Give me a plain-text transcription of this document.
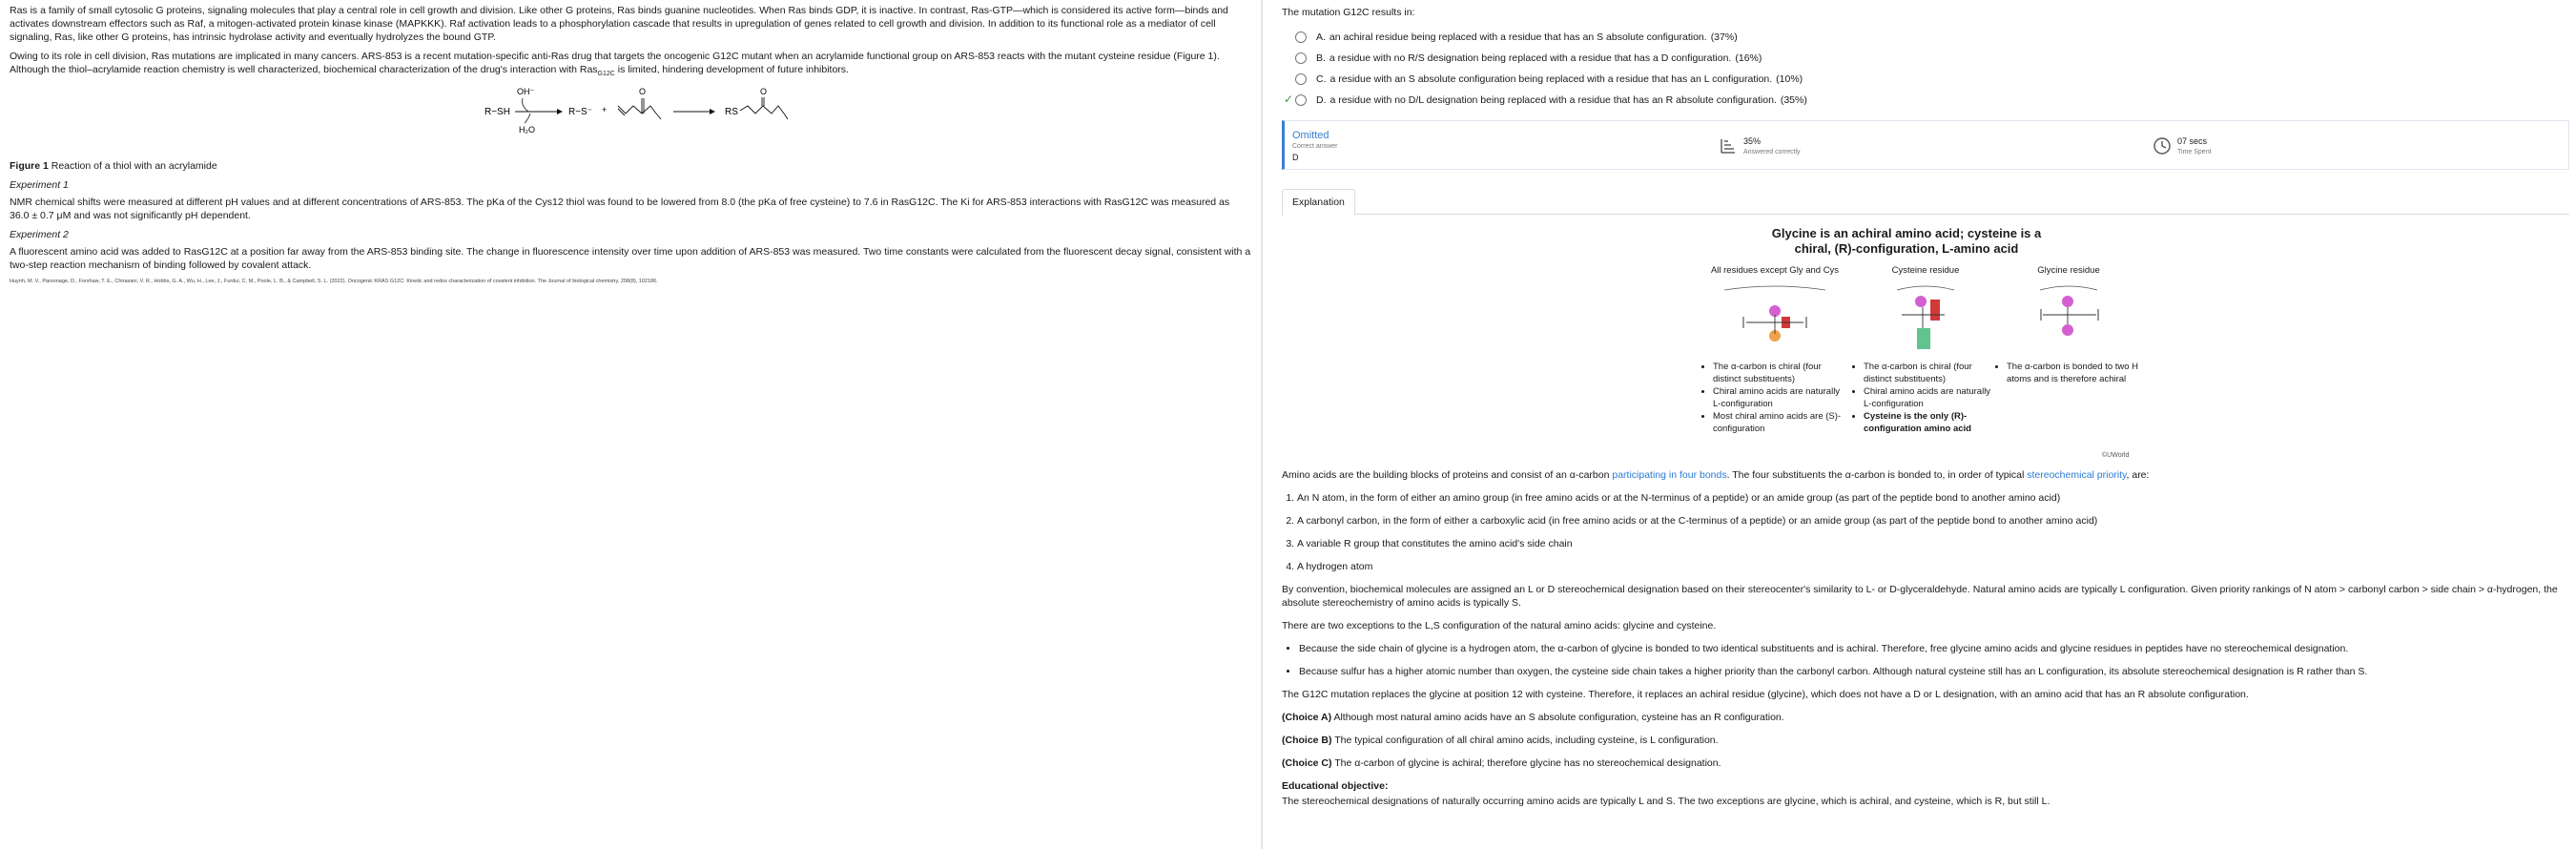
Ras is a family of small cytosolic G proteins, signaling molecules that play a central role in cell growth and division. Like other G proteins, Ras binds guanine nucleotides. When Ras binds GDP, it is inactive. In contrast, Ras-GTP—which is considered its active form—binds and activates downstream effectors such as Raf, a mitogen-activated protein kinase kinase (MAPKKK). Raf activation leads to a phosphorylation cascade that results in upregulation of genes related to cell growth and division. In addition to its functional role as a mediator of cell signaling, Ras, like other G proteins, has intrinsic hydrolase activity and eventually hydrolyzes the bound GTP.

Owing to its role in cell division, Ras mutations are implicated in many cancers. ARS-853 is a recent mutation-specific anti-Ras drug that targets the oncogenic G12C mutant when an acrylamide functional group on ARS-853 reacts with the mutant cysteine residue (Figure 1). Although the thiol–acrylamide reaction chemistry is well characterized, biochemical characterization of the drug's interaction with Ras$_{G12C}$ is limited, hindering development of future inhibitors.

R−SH
OH⁻
H₂O
R−S⁻ +
O
RS
O
Figure 1 Reaction of a thiol with an acrylamide
Experiment 1

NMR chemical shifts were measured at different pH values and at different concentrations of ARS-853. The pKa of the Cys12 thiol was found to be lowered from 8.0 (the pKa of free cysteine) to 7.6 in RasG12C. The Ki for ARS-853 interactions with RasG12C was measured as 36.0 ± 0.7 μM and was not significantly pH dependent.

Experiment 2

A fluorescent amino acid was added to RasG12C at a position far away from the ARS-853 binding site. The change in fluorescence intensity over time upon addition of ARS-853 was measured. Two time constants were calculated from the fluorescent decay signal, consistent with a two-step reaction mechanism of binding followed by covalent attack.

Huynh, M. V., Parsonage, D., Forshaw, T. E., Chirasani, V. R., Hobbs, G. A., Wu, H., Lee, J., Furdui, C. M., Poole, L. B., & Campbell, S. L. (2022). Oncogenic KRAS G12C: Kinetic and redox characterization of covalent inhibition. The Journal of biological chemistry, 298(8), 102186.
The mutation G12C results in:
A. an achiral residue being replaced with a residue that has an S absolute configuration. (37%)
B. a residue with no R/S designation being replaced with a residue that has a D configuration. (16%)
C. a residue with an S absolute configuration being replaced with a residue that has an L configuration. (10%)
✓ D. a residue with no D/L designation being replaced with a residue that has an R absolute configuration. (35%)
Omitted
Correct answer
D
35%
Answered correctly
07 secs
Time Spent
Explanation
Glycine is an achiral amino acid; cysteine is a
chiral, (R)-configuration, L-amino acid
All residues except Gly and Cys
• The α-carbon is chiral (four distinct substituents)
• Chiral amino acids are naturally L-configuration
• Most chiral amino acids are (S)-configuration
Cysteine residue
• The α-carbon is chiral (four distinct substituents)
• Chiral amino acids are naturally L-configuration
• Cysteine is the only (R)-configuration amino acid
Glycine residue
• The α-carbon is bonded to two H atoms and is therefore achiral
©UWorld

Amino acids are the building blocks of proteins and consist of an α-carbon participating in four bonds. The four substituents the α-carbon is bonded to, in order of typical stereochemical priority, are:

1. An N atom, in the form of either an amino group (in free amino acids or at the N-terminus of a peptide) or an amide group (as part of the peptide bond to another amino acid)
2. A carbonyl carbon, in the form of either a carboxylic acid (in free amino acids or at the C-terminus of a peptide) or an amide group (as part of the peptide bond to another amino acid)
3. A variable R group that constitutes the amino acid's side chain
4. A hydrogen atom

By convention, biochemical molecules are assigned an L or D stereochemical designation based on their stereocenter's similarity to L- or D-glyceraldehyde. Natural amino acids are typically L configuration. Given priority rankings of N atom > carbonyl carbon > side chain > α-hydrogen, the absolute stereochemistry of amino acids is typically S.

There are two exceptions to the L,S configuration of the natural amino acids: glycine and cysteine.

• Because the side chain of glycine is a hydrogen atom, the α-carbon of glycine is bonded to two identical substituents and is achiral. Therefore, free glycine amino acids and glycine residues in peptides have no stereochemical designation.
• Because sulfur has a higher atomic number than oxygen, the cysteine side chain takes a higher priority than the carbonyl carbon. Although natural cysteine still has an L configuration, its absolute stereochemical designation is R rather than S.

The G12C mutation replaces the glycine at position 12 with cysteine. Therefore, it replaces an achiral residue (glycine), which does not have a D or L designation, with an amino acid that has an R absolute configuration.

(Choice A) Although most natural amino acids have an S absolute configuration, cysteine has an R configuration.

(Choice B) The typical configuration of all chiral amino acids, including cysteine, is L configuration.

(Choice C) The α-carbon of glycine is achiral; therefore glycine has no stereochemical designation.

Educational objective:

The stereochemical designations of naturally occurring amino acids are typically L and S. The two exceptions are glycine, which is achiral, and cysteine, which is R, but still L.
